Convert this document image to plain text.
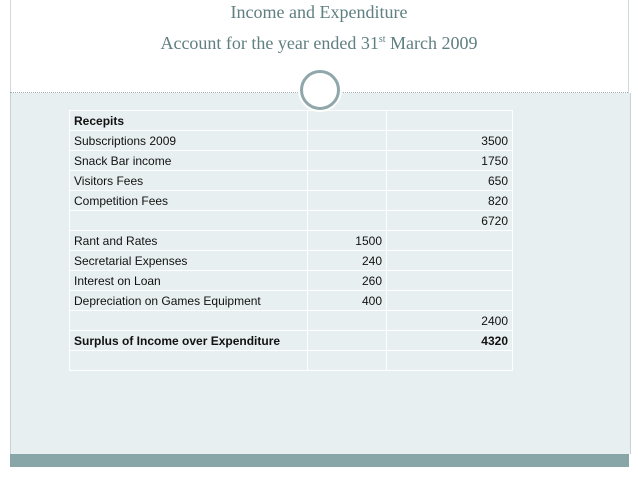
Income and Expenditure
Account for the year ended 31st March 2009
Recepits		
Subscriptions 2009		3500
Snack Bar income		1750
Visitors Fees		650
Competition Fees		820
		6720
Rant and Rates	1500	
Secretarial Expenses	240	
Interest on Loan	260	
Depreciation on Games Equipment	400	
		2400
Surplus of Income over Expenditure		4320
